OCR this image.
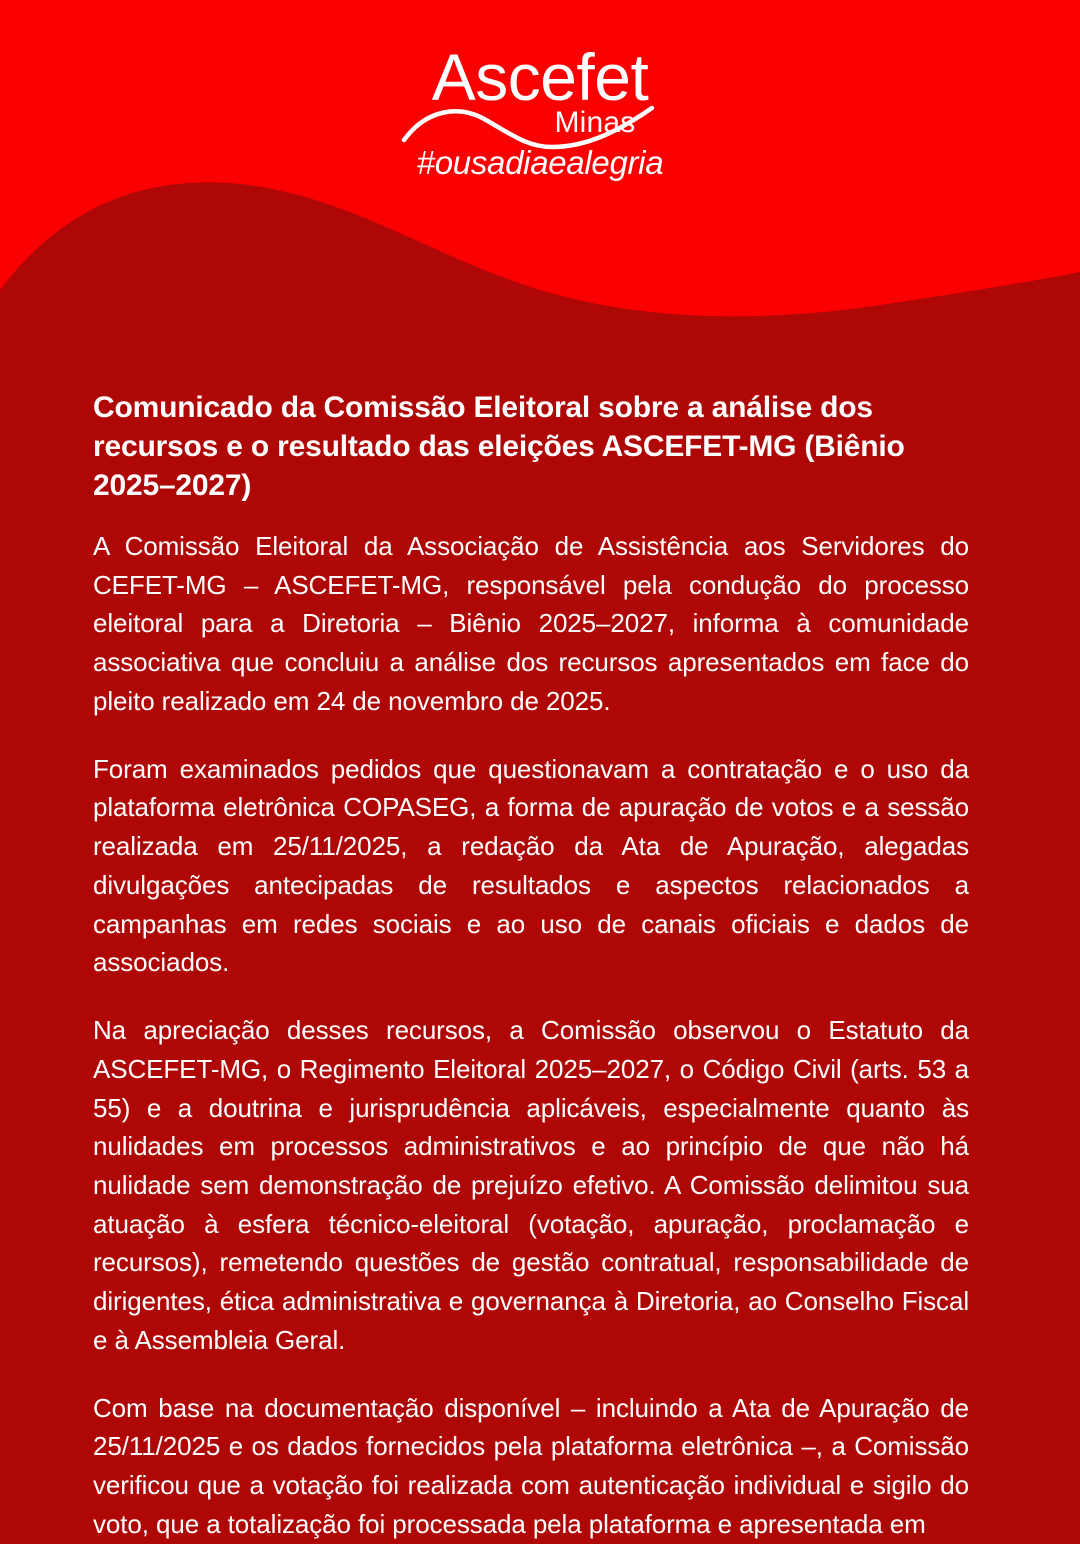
Ascefet
Minas
#ousadiaealegria
Comunicado da Comissão Eleitoral sobre a análise dos recursos e o resultado das eleições ASCEFET-MG (Biênio 2025–2027)

A Comissão Eleitoral da Associação de Assistência aos Servidores do CEFET-MG – ASCEFET-MG, responsável pela condução do processo eleitoral para a Diretoria – Biênio 2025–2027, informa à comunidade associativa que concluiu a análise dos recursos apresentados em face do pleito realizado em 24 de novembro de 2025.

Foram examinados pedidos que questionavam a contratação e o uso da plataforma eletrônica COPASEG, a forma de apuração de votos e a sessão realizada em 25/11/2025, a redação da Ata de Apuração, alegadas divulgações antecipadas de resultados e aspectos relacionados a campanhas em redes sociais e ao uso de canais oficiais e dados de associados.

Na apreciação desses recursos, a Comissão observou o Estatuto da ASCEFET-MG, o Regimento Eleitoral 2025–2027, o Código Civil (arts. 53 a 55) e a doutrina e jurisprudência aplicáveis, especialmente quanto às nulidades em processos administrativos e ao princípio de que não há nulidade sem demonstração de prejuízo efetivo. A Comissão delimitou sua atuação à esfera técnico-eleitoral (votação, apuração, proclamação e recursos), remetendo questões de gestão contratual, responsabilidade de dirigentes, ética administrativa e governança à Diretoria, ao Conselho Fiscal e à Assembleia Geral.

Com base na documentação disponível – incluindo a Ata de Apuração de 25/11/2025 e os dados fornecidos pela plataforma eletrônica –, a Comissão verificou que a votação foi realizada com autenticação individual e sigilo do voto, que a totalização foi processada pela plataforma e apresentada em
